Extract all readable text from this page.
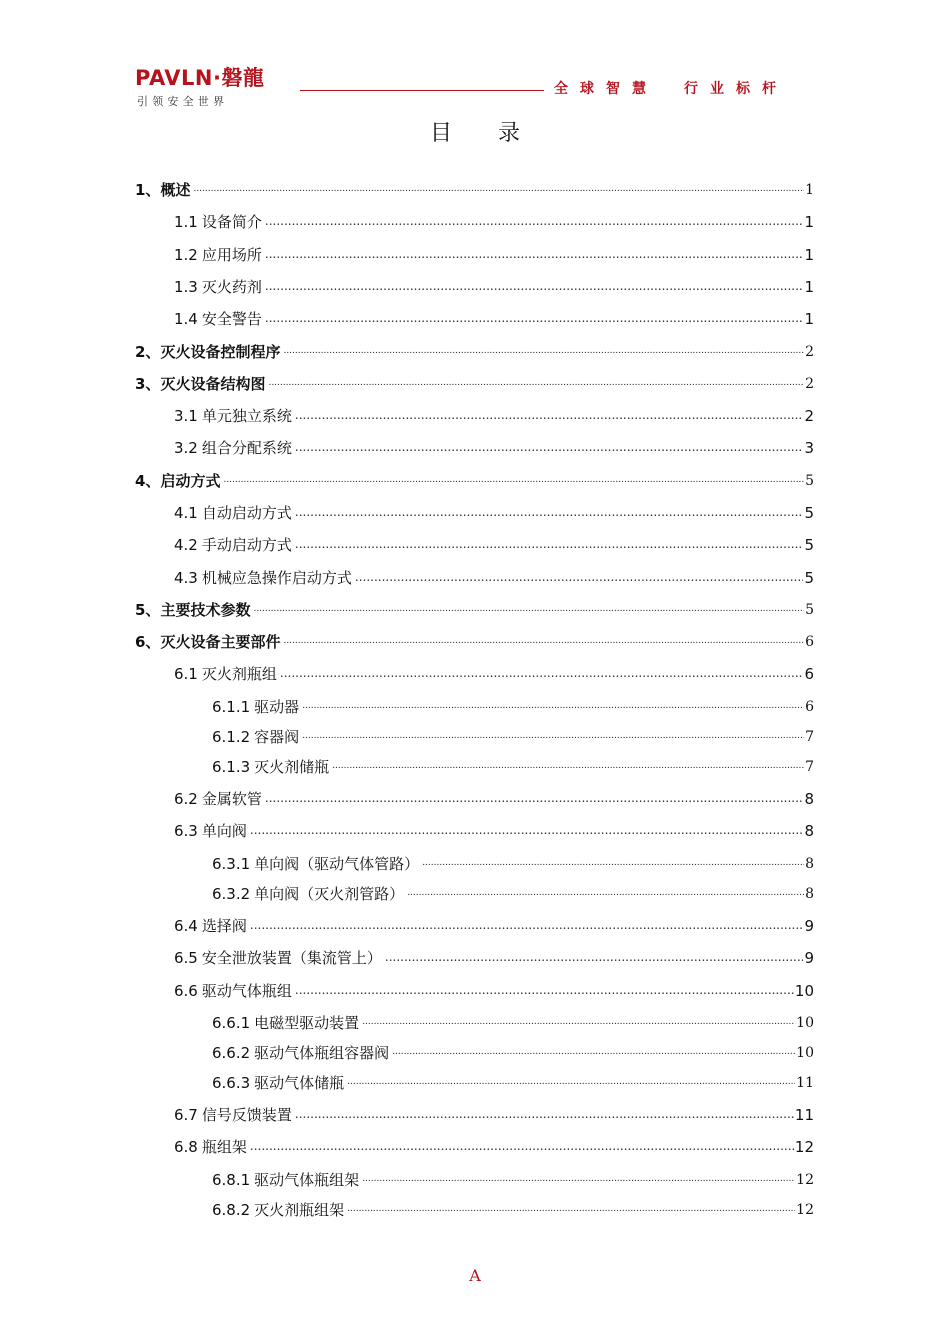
PAVLN·磐龍
引领安全世界
全球智慧 行业标杆
目录
1、 概述 .....	1
1.1 设备简介 .....	1
1.2 应用场所 .....	1
1.3 灭火药剂 .....	1
1.4 安全警告 .....	1
2、 灭火设备控制程序 .....	2
3、 灭火设备结构图 .....	2
3.1 单元独立系统 .....	2
3.2 组合分配系统 .....	3
4、 启动方式 .....	5
4.1 自动启动方式 .....	5
4.2 手动启动方式 .....	5
4.3 机械应急操作启动方式 .....	5
5、 主要技术参数 .....	5
6、 灭火设备主要部件 .....	6
6.1 灭火剂瓶组 .....	6
6.1.1 驱动器 .....	6
6.1.2 容器阀 .....	7
6.1.3 灭火剂储瓶 .....	7
6.2 金属软管 .....	8
6.3 单向阀 .....	8
6.3.1 单向阀（驱动气体管路） .....	8
6.3.2 单向阀（灭火剂管路） .....	8
6.4 选择阀 .....	9
6.5 安全泄放装置（集流管上） .....	9
6.6 驱动气体瓶组 .....	10
6.6.1 电磁型驱动装置 .....	10
6.6.2 驱动气体瓶组容器阀 .....	10
6.6.3 驱动气体储瓶 .....	11
6.7 信号反馈装置 .....	11
6.8 瓶组架 .....	12
6.8.1 驱动气体瓶组架 .....	12
6.8.2 灭火剂瓶组架 .....	12
A
